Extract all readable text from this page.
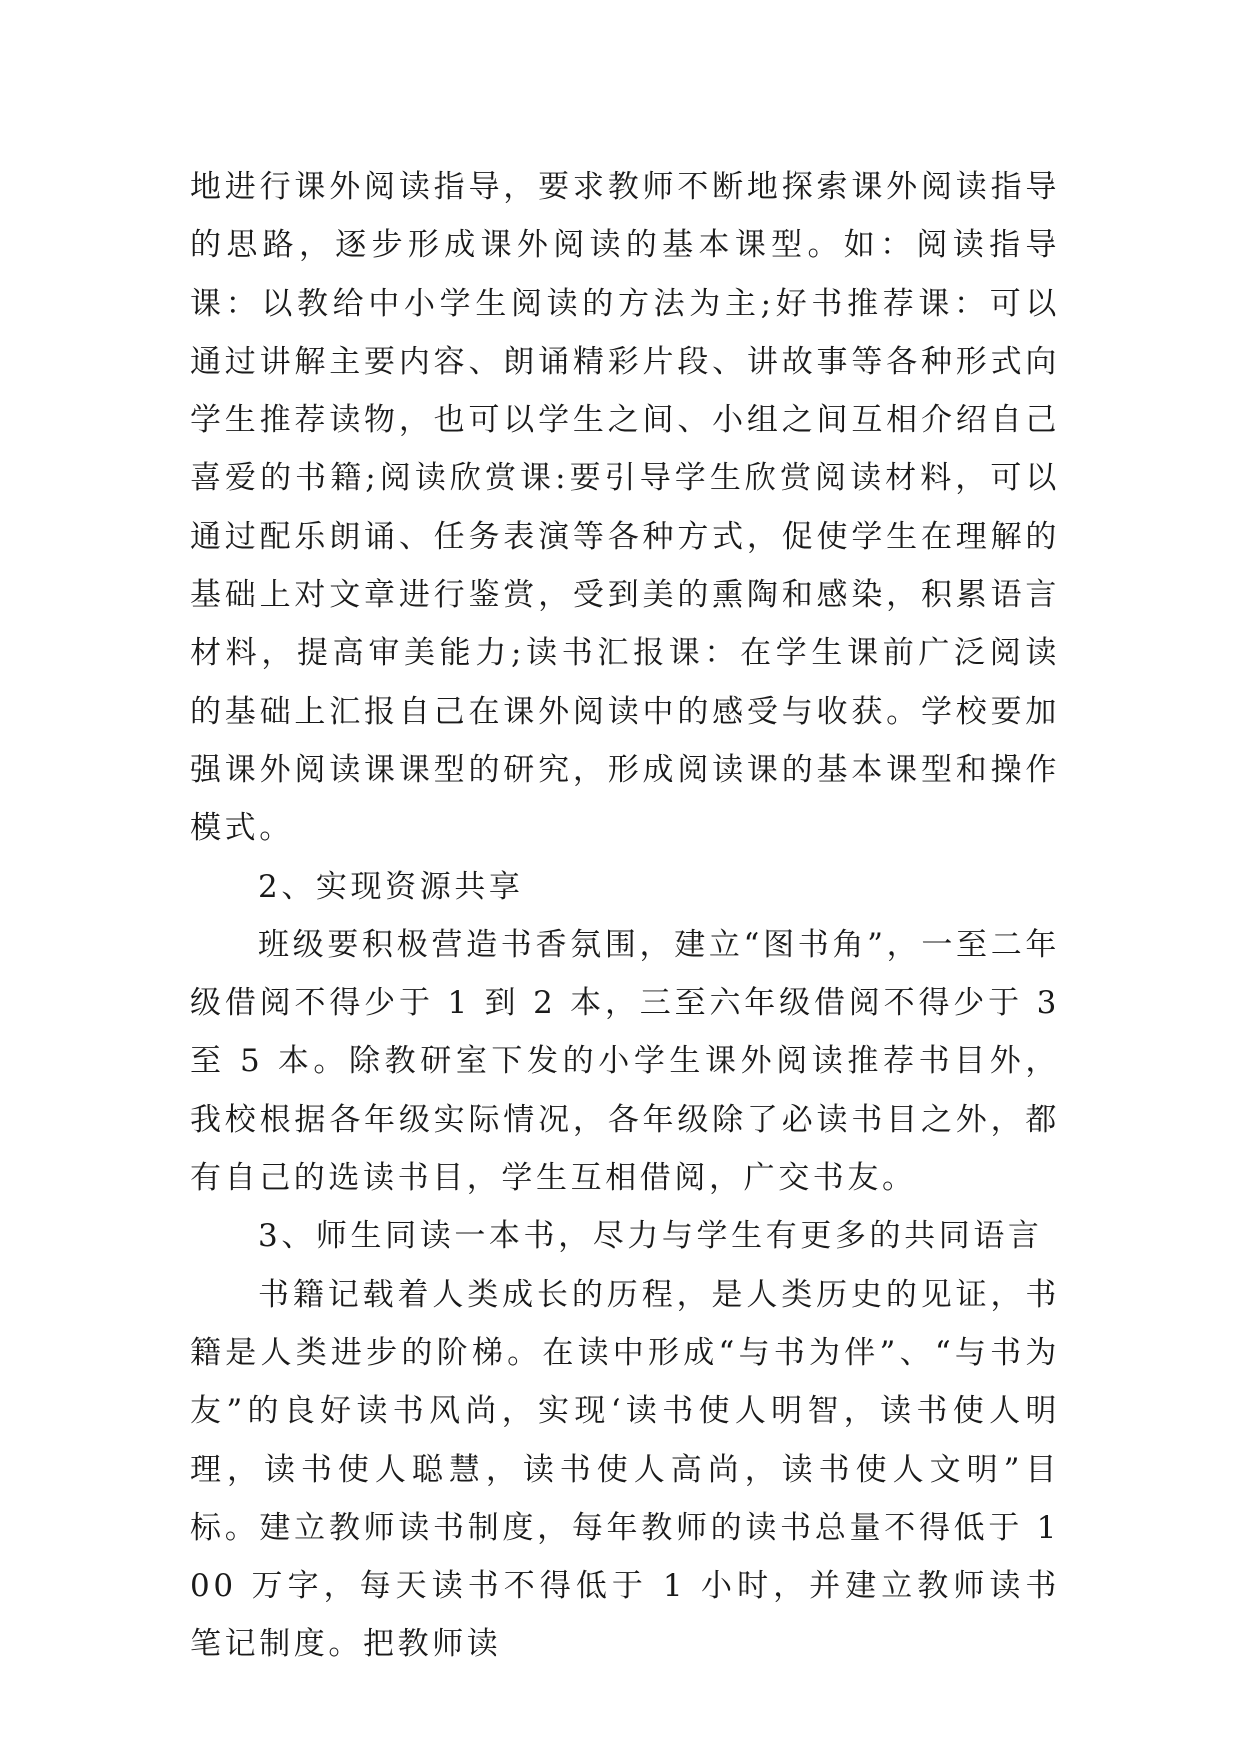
地进行课外阅读指导，要求教师不断地探索课外阅读指导的思路，逐步形成课外阅读的基本课型。如：阅读指导课：以教给中小学生阅读的方法为主;好书推荐课：可以通过讲解主要内容、朗诵精彩片段、讲故事等各种形式向学生推荐读物，也可以学生之间、小组之间互相介绍自己喜爱的书籍;阅读欣赏课:要引导学生欣赏阅读材料，可以通过配乐朗诵、任务表演等各种方式，促使学生在理解的基础上对文章进行鉴赏，受到美的熏陶和感染，积累语言材料，提高审美能力;读书汇报课：在学生课前广泛阅读的基础上汇报自己在课外阅读中的感受与收获。学校要加强课外阅读课课型的研究，形成阅读课的基本课型和操作模式。

2、实现资源共享

班级要积极营造书香氛围，建立“图书角”，一至二年级借阅不得少于 1 到 2 本，三至六年级借阅不得少于 3 至 5 本。除教研室下发的小学生课外阅读推荐书目外，我校根据各年级实际情况，各年级除了必读书目之外，都有自己的选读书目，学生互相借阅，广交书友。

3、师生同读一本书，尽力与学生有更多的共同语言

书籍记载着人类成长的历程，是人类历史的见证，书籍是人类进步的阶梯。在读中形成“与书为伴”、“与书为友”的良好读书风尚，实现‘读书使人明智，读书使人明理，读书使人聪慧，读书使人高尚，读书使人文明”目标。建立教师读书制度，每年教师的读书总量不得低于 100 万字，每天读书不得低于 1 小时，并建立教师读书笔记制度。把教师读
